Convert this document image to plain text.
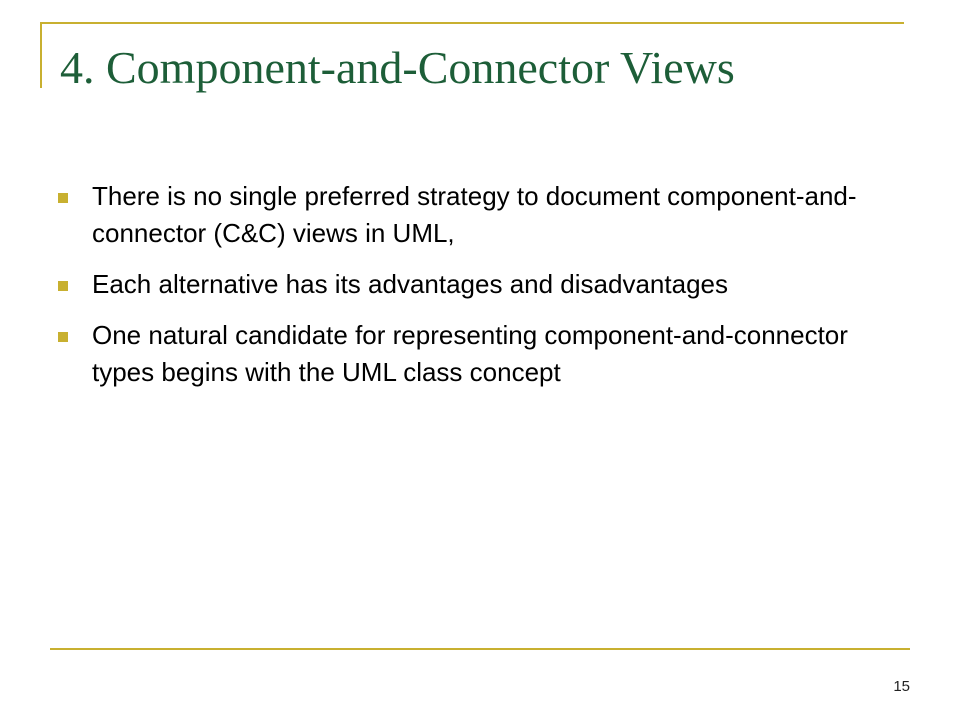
4. Component-and-Connector Views
There is no single preferred strategy to document component-and-connector (C&C) views in UML,
Each alternative has its advantages and disadvantages
One natural candidate for representing component-and-connector types begins with the UML class concept
15
